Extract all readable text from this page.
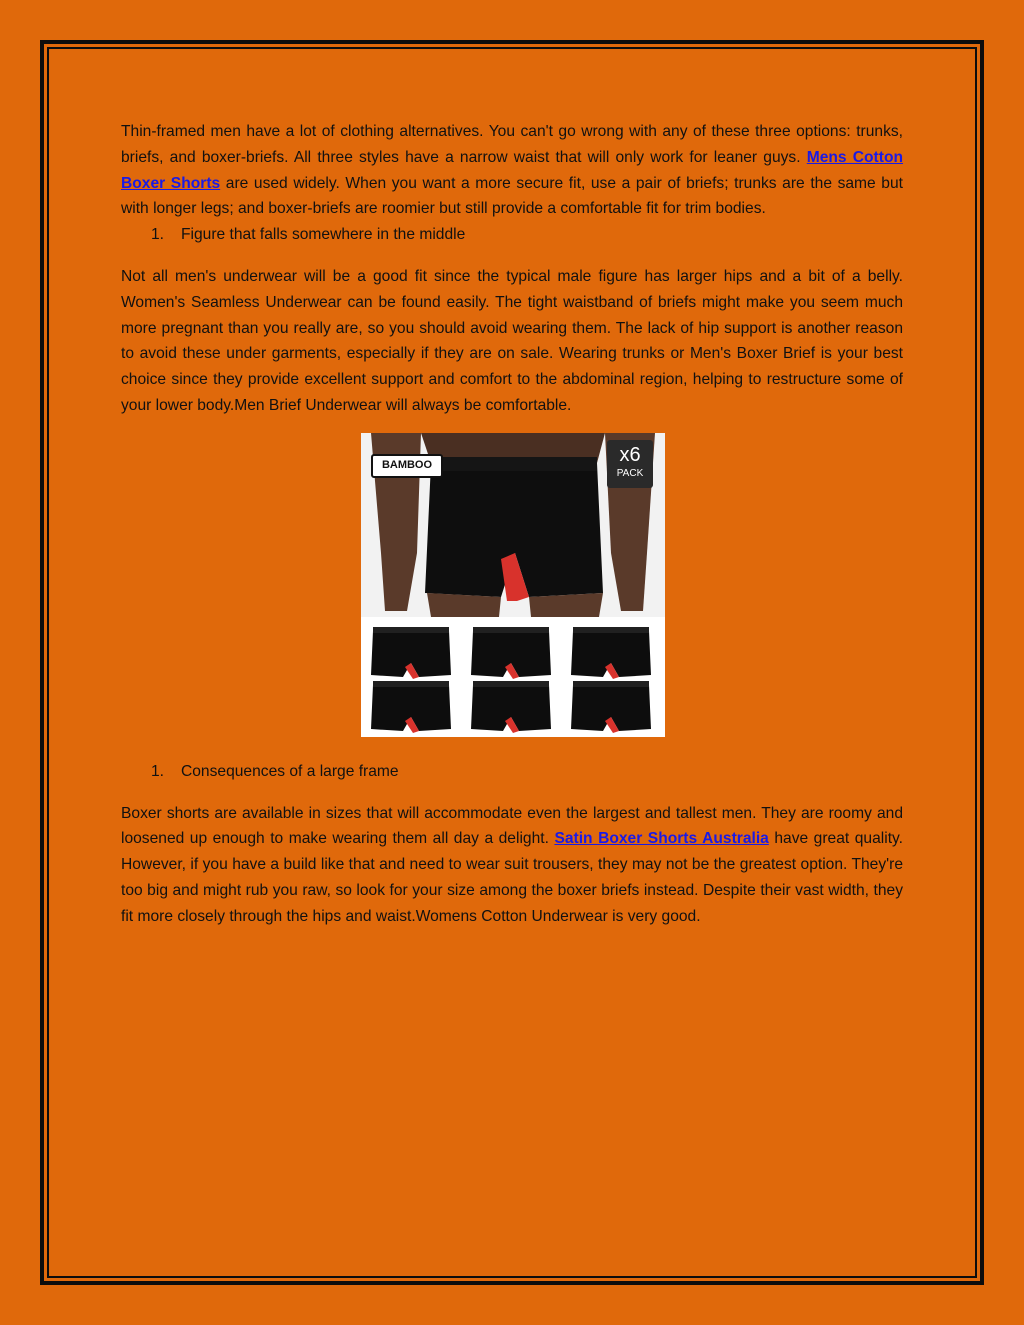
Thin-framed men have a lot of clothing alternatives. You can't go wrong with any of these three options: trunks, briefs, and boxer-briefs. All three styles have a narrow waist that will only work for leaner guys. Mens Cotton Boxer Shorts are used widely. When you want a more secure fit, use a pair of briefs; trunks are the same but with longer legs; and boxer-briefs are roomier but still provide a comfortable fit for trim bodies.

1. Figure that falls somewhere in the middle

Not all men's underwear will be a good fit since the typical male figure has larger hips and a bit of a belly. Women's Seamless Underwear can be found easily. The tight waistband of briefs might make you seem much more pregnant than you really are, so you should avoid wearing them. The lack of hip support is another reason to avoid these under garments, especially if they are on sale. Wearing trunks or Men's Boxer Brief is your best choice since they provide excellent support and comfort to the abdominal region, helping to restructure some of your lower body.Men Brief Underwear will always be comfortable.

BAMBOO	x6
PACK
1. Consequences of a large frame

Boxer shorts are available in sizes that will accommodate even the largest and tallest men. They are roomy and loosened up enough to make wearing them all day a delight. Satin Boxer Shorts Australia have great quality. However, if you have a build like that and need to wear suit trousers, they may not be the greatest option. They're too big and might rub you raw, so look for your size among the boxer briefs instead. Despite their vast width, they fit more closely through the hips and waist.Womens Cotton Underwear is very good.
